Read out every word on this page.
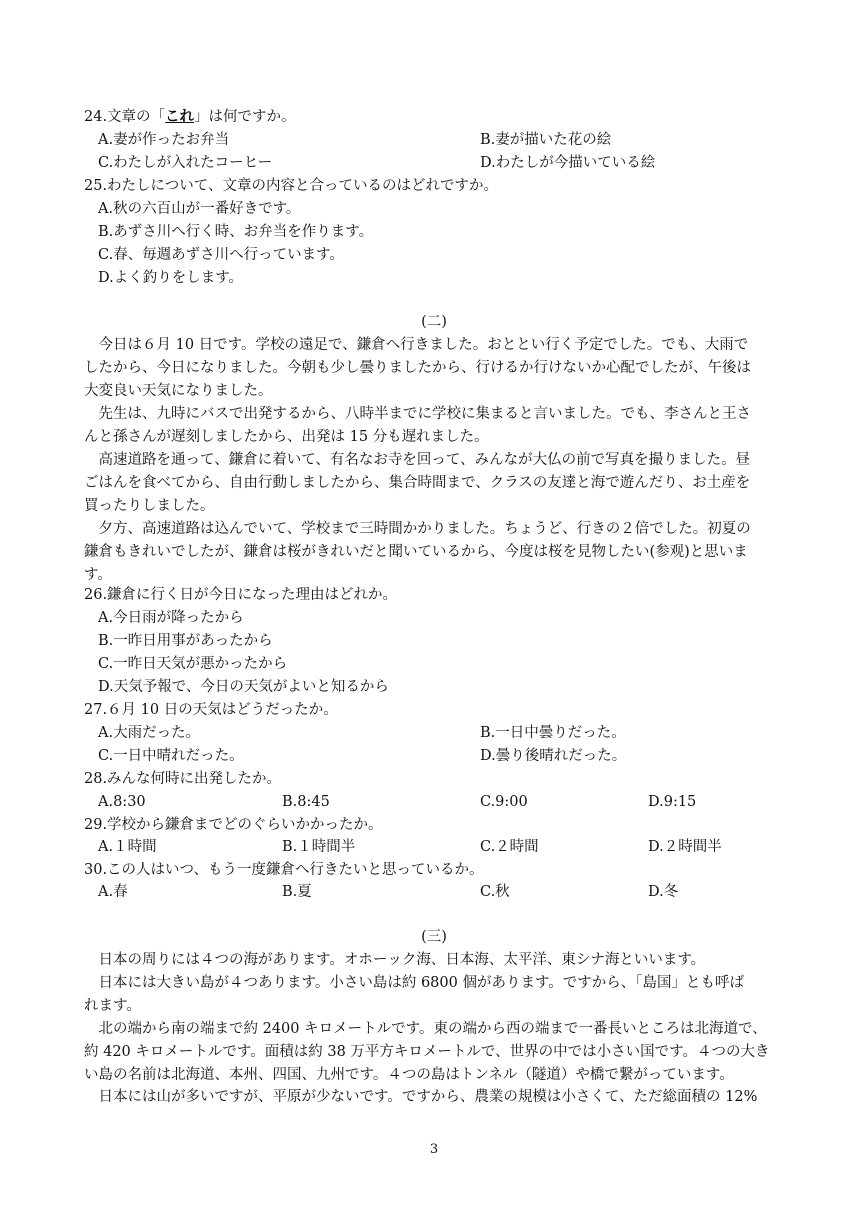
24.文章の「これ」は何ですか。
A.妻が作ったお弁当	B.妻が描いた花の絵
C.わたしが入れたコーヒー	D.わたしが今描いている絵
25.わたしについて、文章の内容と合っているのはどれですか。
A.秋の六百山が一番好きです。
B.あずさ川へ行く時、お弁当を作ります。
C.春、毎週あずさ川へ行っています。
D.よく釣りをします。
(二)
　今日は６月 10 日です。学校の遠足で、鎌倉へ行きました。おととい行く予定でした。でも、大雨で
したから、今日になりました。今朝も少し曇りましたから、行けるか行けないか心配でしたが、午後は
大変良い天気になりました。
　先生は、九時にバスで出発するから、八時半までに学校に集まると言いました。でも、李さんと王さ
んと孫さんが遅刻しましたから、出発は 15 分も遅れました。
　高速道路を通って、鎌倉に着いて、有名なお寺を回って、みんなが大仏の前で写真を撮りました。昼
ごはんを食べてから、自由行動しましたから、集合時間まで、クラスの友達と海で遊んだり、お土産を
買ったりしました。
　夕方、高速道路は込んでいて、学校まで三時間かかりました。ちょうど、行きの２倍でした。初夏の
鎌倉もきれいでしたが、鎌倉は桜がきれいだと聞いているから、今度は桜を見物したい(参观)と思いま
す。
26.鎌倉に行く日が今日になった理由はどれか。
A.今日雨が降ったから
B.一昨日用事があったから
C.一昨日天気が悪かったから
D.天気予報で、今日の天気がよいと知るから
27.６月 10 日の天気はどうだったか。
A.大雨だった。	B.一日中曇りだった。
C.一日中晴れだった。	D.曇り後晴れだった。
28.みんな何時に出発したか。
A.8:30	B.8:45	C.9:00	D.9:15
29.学校から鎌倉までどのぐらいかかったか。
A.１時間	B.１時間半	C.２時間	D.２時間半
30.この人はいつ、もう一度鎌倉へ行きたいと思っているか。
A.春	B.夏	C.秋	D.冬
(三)
　日本の周りには４つの海があります。オホーック海、日本海、太平洋、東シナ海といいます。
　日本には大きい島が４つあります。小さい島は約 6800 個があります。ですから、「島国」とも呼ば
れます。
　北の端から南の端まで約 2400 キロメートルです。東の端から西の端まで一番長いところは北海道で、
約 420 キロメートルです。面積は約 38 万平方キロメートルで、世界の中では小さい国です。４つの大き
い島の名前は北海道、本州、四国、九州です。４つの島はトンネル（隧道）や橋で繋がっています。
　日本には山が多いですが、平原が少ないです。ですから、農業の規模は小さくて、ただ総面積の 12%
3
